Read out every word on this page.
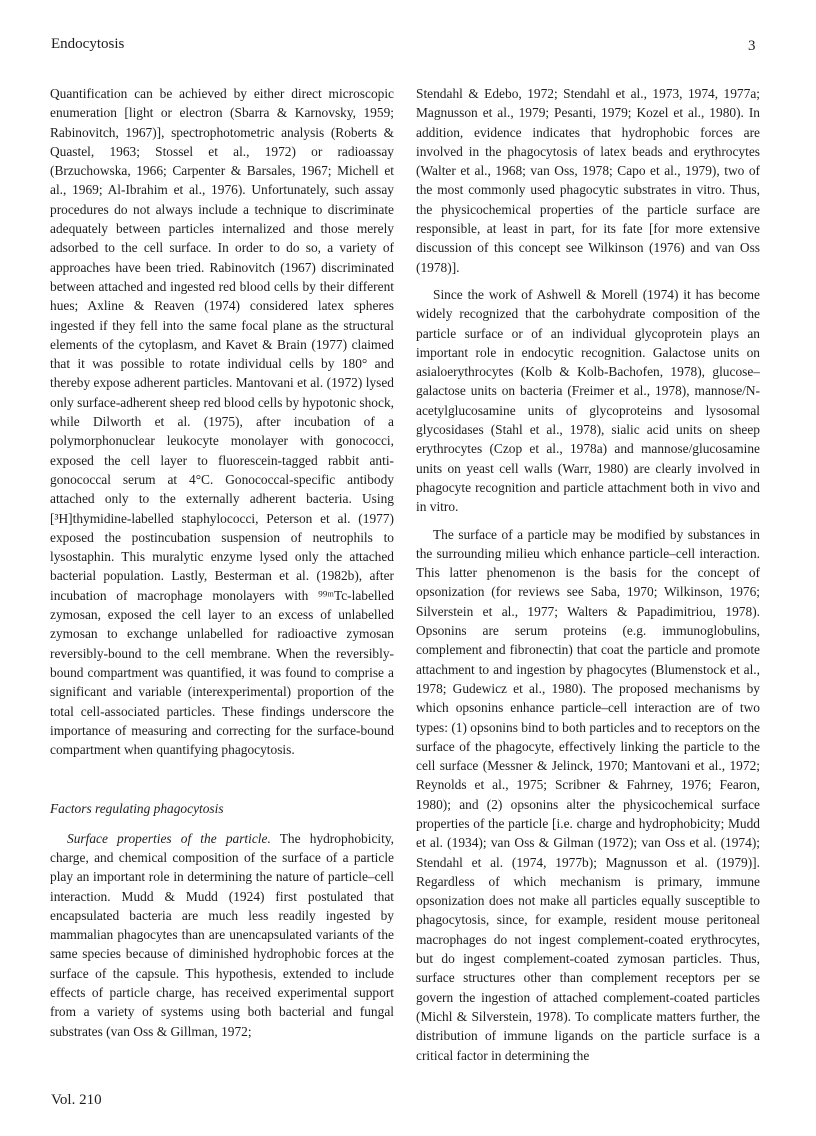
Endocytosis	3

Quantification can be achieved by either direct microscopic enumeration [light or electron (Sbarra & Karnovsky, 1959; Rabinovitch, 1967)], spectrophotometric analysis (Roberts & Quastel, 1963; Stossel et al., 1972) or radioassay (Brzuchowska, 1966; Carpenter & Barsales, 1967; Michell et al., 1969; Al-Ibrahim et al., 1976). Unfortunately, such assay procedures do not always include a technique to discriminate adequately between particles internalized and those merely adsorbed to the cell surface. In order to do so, a variety of approaches have been tried. Rabinovitch (1967) discriminated between attached and ingested red blood cells by their different hues; Axline & Reaven (1974) considered latex spheres ingested if they fell into the same focal plane as the structural elements of the cytoplasm, and Kavet & Brain (1977) claimed that it was possible to rotate individual cells by 180° and thereby expose adherent particles. Mantovani et al. (1972) lysed only surface-adherent sheep red blood cells by hypotonic shock, while Dilworth et al. (1975), after incubation of a polymorphonuclear leukocyte monolayer with gonococci, exposed the cell layer to fluorescein-tagged rabbit anti-gonococcal serum at 4°C. Gonococcal-specific antibody attached only to the externally adherent bacteria. Using [³H]thymidine-labelled staphylococci, Peterson et al. (1977) exposed the postincubation suspension of neutrophils to lysostaphin. This muralytic enzyme lysed only the attached bacterial population. Lastly, Besterman et al. (1982b), after incubation of macrophage monolayers with ⁹⁹ᵐTc-labelled zymosan, exposed the cell layer to an excess of unlabelled zymosan to exchange unlabelled for radioactive zymosan reversibly-bound to the cell membrane. When the reversibly-bound compartment was quantified, it was found to comprise a significant and variable (interexperimental) proportion of the total cell-associated particles. These findings underscore the importance of measuring and correcting for the surface-bound compartment when quantifying phagocytosis.

Factors regulating phagocytosis

Surface properties of the particle. The hydrophobicity, charge, and chemical composition of the surface of a particle play an important role in determining the nature of particle–cell interaction. Mudd & Mudd (1924) first postulated that encapsulated bacteria are much less readily ingested by mammalian phagocytes than are unencapsulated variants of the same species because of diminished hydrophobic forces at the surface of the capsule. This hypothesis, extended to include effects of particle charge, has received experimental support from a variety of systems using both bacterial and fungal substrates (van Oss & Gillman, 1972;

Stendahl & Edebo, 1972; Stendahl et al., 1973, 1974, 1977a; Magnusson et al., 1979; Pesanti, 1979; Kozel et al., 1980). In addition, evidence indicates that hydrophobic forces are involved in the phagocytosis of latex beads and erythrocytes (Walter et al., 1968; van Oss, 1978; Capo et al., 1979), two of the most commonly used phagocytic substrates in vitro. Thus, the physicochemical properties of the particle surface are responsible, at least in part, for its fate [for more extensive discussion of this concept see Wilkinson (1976) and van Oss (1978)].

Since the work of Ashwell & Morell (1974) it has become widely recognized that the carbohydrate composition of the particle surface or of an individual glycoprotein plays an important role in endocytic recognition. Galactose units on asialoerythrocytes (Kolb & Kolb-Bachofen, 1978), glucose–galactose units on bacteria (Freimer et al., 1978), mannose/N-acetylglucosamine units of glycoproteins and lysosomal glycosidases (Stahl et al., 1978), sialic acid units on sheep erythrocytes (Czop et al., 1978a) and mannose/glucosamine units on yeast cell walls (Warr, 1980) are clearly involved in phagocyte recognition and particle attachment both in vivo and in vitro.

The surface of a particle may be modified by substances in the surrounding milieu which enhance particle–cell interaction. This latter phenomenon is the basis for the concept of opsonization (for reviews see Saba, 1970; Wilkinson, 1976; Silverstein et al., 1977; Walters & Papadimitriou, 1978). Opsonins are serum proteins (e.g. immunoglobulins, complement and fibronectin) that coat the particle and promote attachment to and ingestion by phagocytes (Blumenstock et al., 1978; Gudewicz et al., 1980). The proposed mechanisms by which opsonins enhance particle–cell interaction are of two types: (1) opsonins bind to both particles and to receptors on the surface of the phagocyte, effectively linking the particle to the cell surface (Messner & Jelinck, 1970; Mantovani et al., 1972; Reynolds et al., 1975; Scribner & Fahrney, 1976; Fearon, 1980); and (2) opsonins alter the physicochemical surface properties of the particle [i.e. charge and hydrophobicity; Mudd et al. (1934); van Oss & Gilman (1972); van Oss et al. (1974); Stendahl et al. (1974, 1977b); Magnusson et al. (1979)]. Regardless of which mechanism is primary, immune opsonization does not make all particles equally susceptible to phagocytosis, since, for example, resident mouse peritoneal macrophages do not ingest complement-coated erythrocytes, but do ingest complement-coated zymosan particles. Thus, surface structures other than complement receptors per se govern the ingestion of attached complement-coated particles (Michl & Silverstein, 1978). To complicate matters further, the distribution of immune ligands on the particle surface is a critical factor in determining the

Vol. 210
